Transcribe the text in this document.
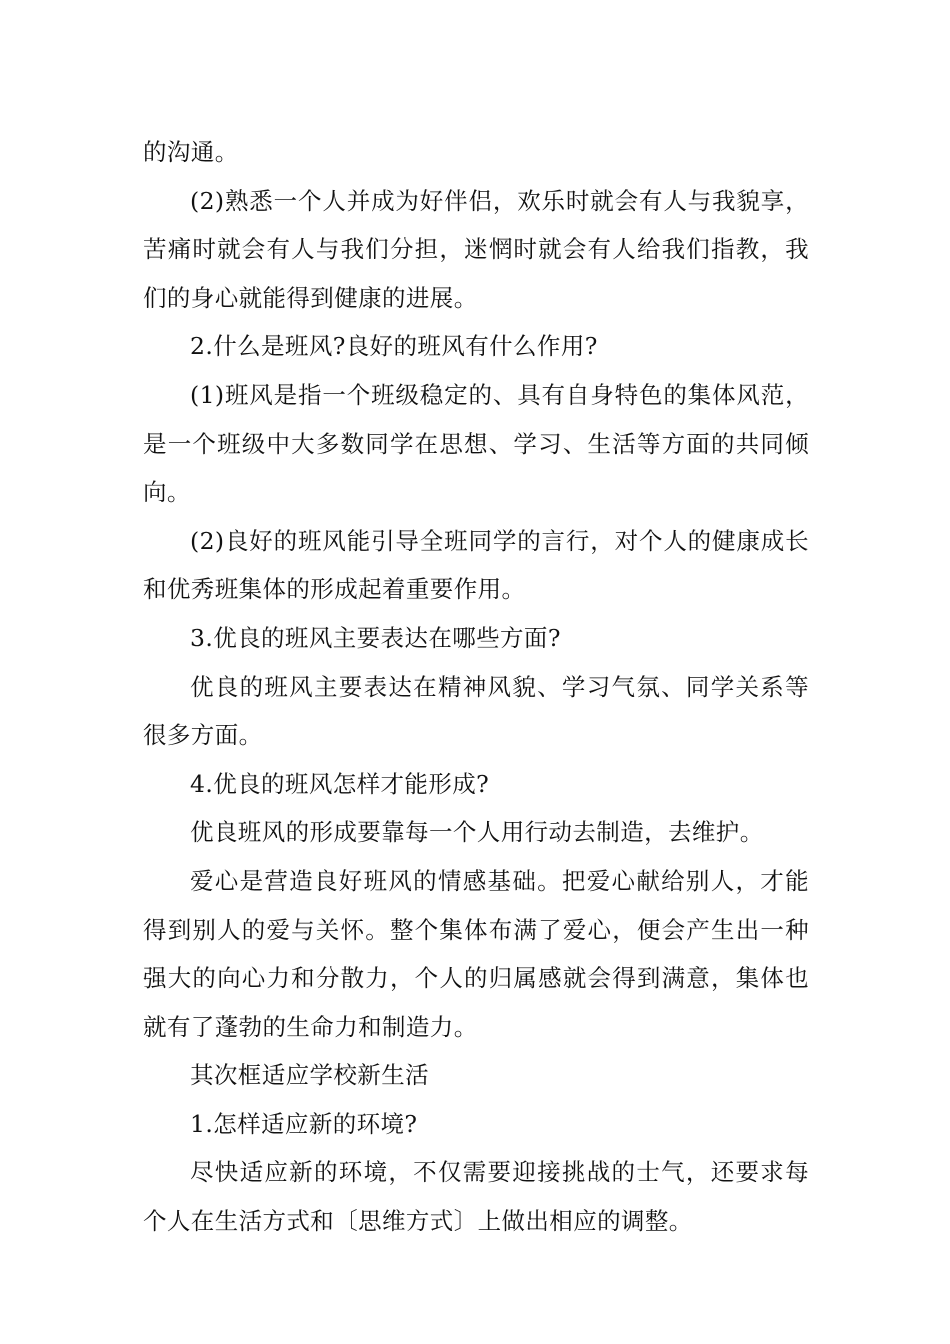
的沟通。

(2)熟悉一个人并成为好伴侣，欢乐时就会有人与我貌享，苦痛时就会有人与我们分担，迷惘时就会有人给我们指教，我们的身心就能得到健康的进展。

2.什么是班风?良好的班风有什么作用?

(1)班风是指一个班级稳定的、具有自身特色的集体风范，是一个班级中大多数同学在思想、学习、生活等方面的共同倾向。

(2)良好的班风能引导全班同学的言行，对个人的健康成长和优秀班集体的形成起着重要作用。

3.优良的班风主要表达在哪些方面?

优良的班风主要表达在精神风貌、学习气氛、同学关系等很多方面。

4.优良的班风怎样才能形成?

优良班风的形成要靠每一个人用行动去制造，去维护。

爱心是营造良好班风的情感基础。把爱心献给别人，才能得到别人的爱与关怀。整个集体布满了爱心，便会产生出一种强大的向心力和分散力，个人的归属感就会得到满意，集体也就有了蓬勃的生命力和制造力。

其次框适应学校新生活

1.怎样适应新的环境?

尽快适应新的环境，不仅需要迎接挑战的士气，还要求每个人在生活方式和〔思维方式〕上做出相应的调整。
